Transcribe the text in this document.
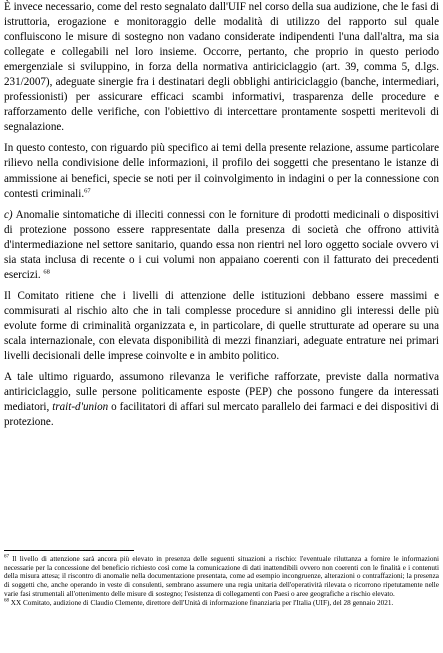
È invece necessario, come del resto segnalato dall'UIF nel corso della sua audizione, che le fasi di istruttoria, erogazione e monitoraggio delle modalità di utilizzo del rapporto sul quale confluiscono le misure di sostegno non vadano considerate indipendenti l'una dall'altra, ma sia collegate e collegabili nel loro insieme. Occorre, pertanto, che proprio in questo periodo emergenziale si sviluppino, in forza della normativa antiriciclaggio (art. 39, comma 5, d.lgs. 231/2007), adeguate sinergie fra i destinatari degli obblighi antiriciclaggio (banche, intermediari, professionisti) per assicurare efficaci scambi informativi, trasparenza delle procedure e rafforzamento delle verifiche, con l'obiettivo di intercettare prontamente sospetti meritevoli di segnalazione.

In questo contesto, con riguardo più specifico ai temi della presente relazione, assume particolare rilievo nella condivisione delle informazioni, il profilo dei soggetti che presentano le istanze di ammissione ai benefici, specie se noti per il coinvolgimento in indagini o per la connessione con contesti criminali.$^{67}$

c) Anomalie sintomatiche di illeciti connessi con le forniture di prodotti medicinali o dispositivi di protezione possono essere rappresentate dalla presenza di società che offrono attività d'intermediazione nel settore sanitario, quando essa non rientri nel loro oggetto sociale ovvero vi sia stata inclusa di recente o i cui volumi non appaiano coerenti con il fatturato dei precedenti esercizi. $^{68}$

Il Comitato ritiene che i livelli di attenzione delle istituzioni debbano essere massimi e commisurati al rischio alto che in tali complesse procedure si annidino gli interessi delle più evolute forme di criminalità organizzata e, in particolare, di quelle strutturate ad operare su una scala internazionale, con elevata disponibilità di mezzi finanziari, adeguate entrature nei primari livelli decisionali delle imprese coinvolte e in ambito politico.

A tale ultimo riguardo, assumono rilevanza le verifiche rafforzate, previste dalla normativa antiriciclaggio, sulle persone politicamente esposte (PEP) che possono fungere da interessati mediatori, trait-d'union o facilitatori di affari sul mercato parallelo dei farmaci e dei dispositivi di protezione.

$^{67}$ Il livello di attenzione sarà ancora più elevato in presenza delle seguenti situazioni a rischio: l'eventuale riluttanza a fornire le informazioni necessarie per la concessione del beneficio richiesto così come la comunicazione di dati inattendibili ovvero non coerenti con le finalità e i contenuti della misura attesa; il riscontro di anomalie nella documentazione presentata, come ad esempio incongruenze, alterazioni o contraffazioni; la presenza di soggetti che, anche operando in veste di consulenti, sembrano assumere una regia unitaria dell'operatività rilevata o ricorrono ripetutamente nelle varie fasi strumentali all'ottenimento delle misure di sostegno; l'esistenza di collegamenti con Paesi o aree geografiche a rischio elevato.

$^{68}$ XX Comitato, audizione di Claudio Clemente, direttore dell'Unità di informazione finanziaria per l'Italia (UIF), del 28 gennaio 2021.
